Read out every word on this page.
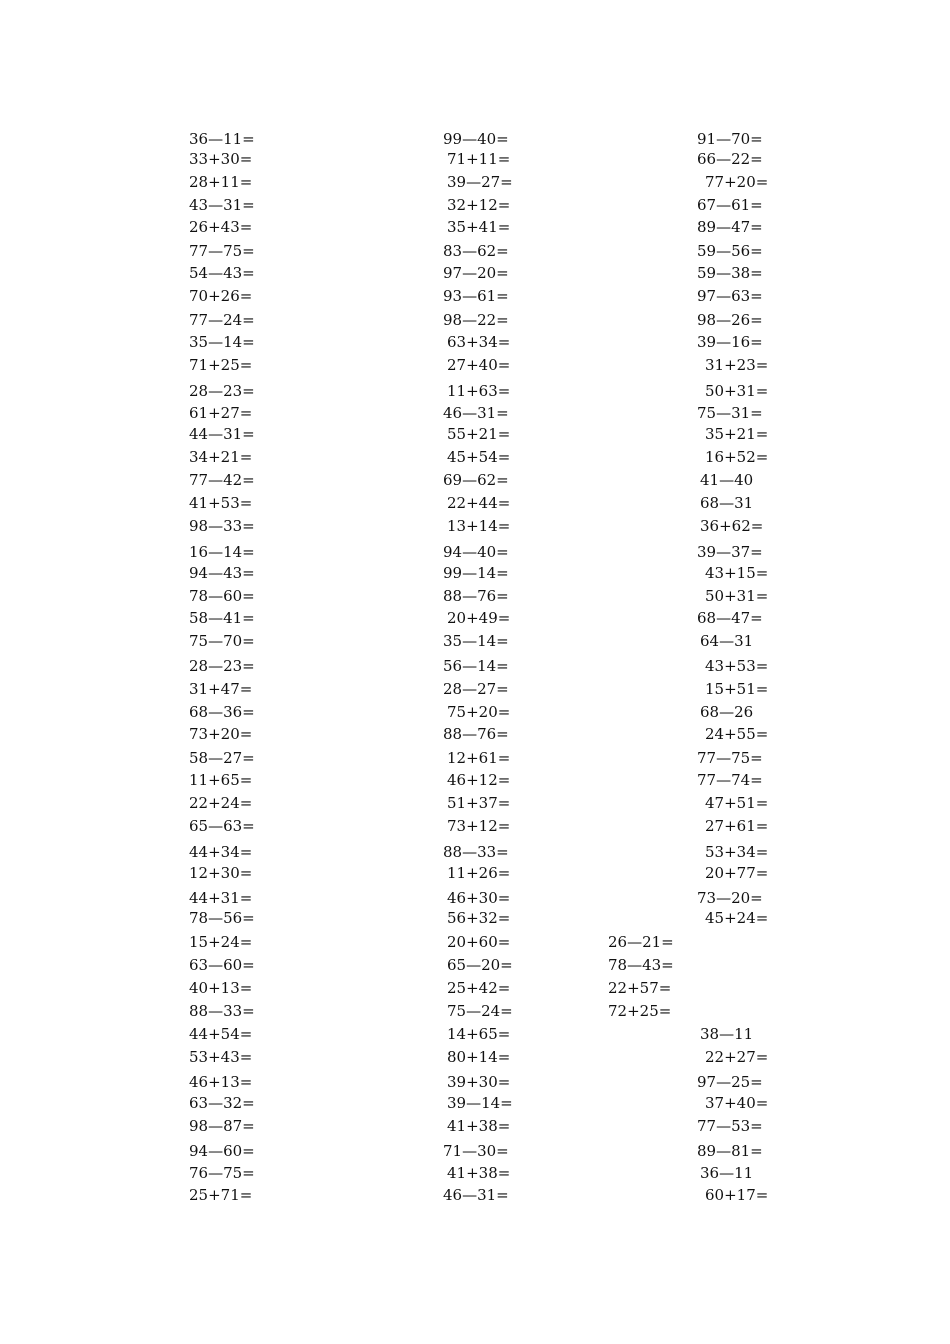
36—11=
33+30=
28+11=
43—31=
26+43=
77—75=
54—43=
70+26=
77—24=
35—14=
71+25=
28—23=
61+27=
44—31=
34+21=
77—42=
41+53=
98—33=
16—14=
94—43=
78—60=
58—41=
75—70=
28—23=
31+47=
68—36=
73+20=
58—27=
11+65=
22+24=
65—63=
44+34=
12+30=
44+31=
78—56=
15+24=
63—60=
40+13=
88—33=
44+54=
53+43=
46+13=
63—32=
98—87=
94—60=
76—75=
25+71=
99—40=
71+11=
39—27=
32+12=
35+41=
83—62=
97—20=
93—61=
98—22=
63+34=
27+40=
11+63=
46—31=
55+21=
45+54=
69—62=
22+44=
13+14=
94—40=
99—14=
88—76=
20+49=
35—14=
56—14=
28—27=
75+20=
88—76=
12+61=
46+12=
51+37=
73+12=
88—33=
11+26=
46+30=
56+32=
20+60=
65—20=
25+42=
75—24=
14+65=
80+14=
39+30=
39—14=
41+38=
71—30=
41+38=
46—31=
91—70=
66—22=
77+20=
67—61=
89—47=
59—56=
59—38=
97—63=
98—26=
39—16=
31+23=
50+31=
75—31=
35+21=
16+52=
41—40
68—31
36+62=
39—37=
43+15=
50+31=
68—47=
64—31
43+53=
15+51=
68—26
24+55=
77—75=
77—74=
47+51=
27+61=
53+34=
20+77=
73—20=
45+24=
26—21=
78—43=
22+57=
72+25=
38—11
22+27=
97—25=
37+40=
77—53=
89—81=
36—11
60+17=
